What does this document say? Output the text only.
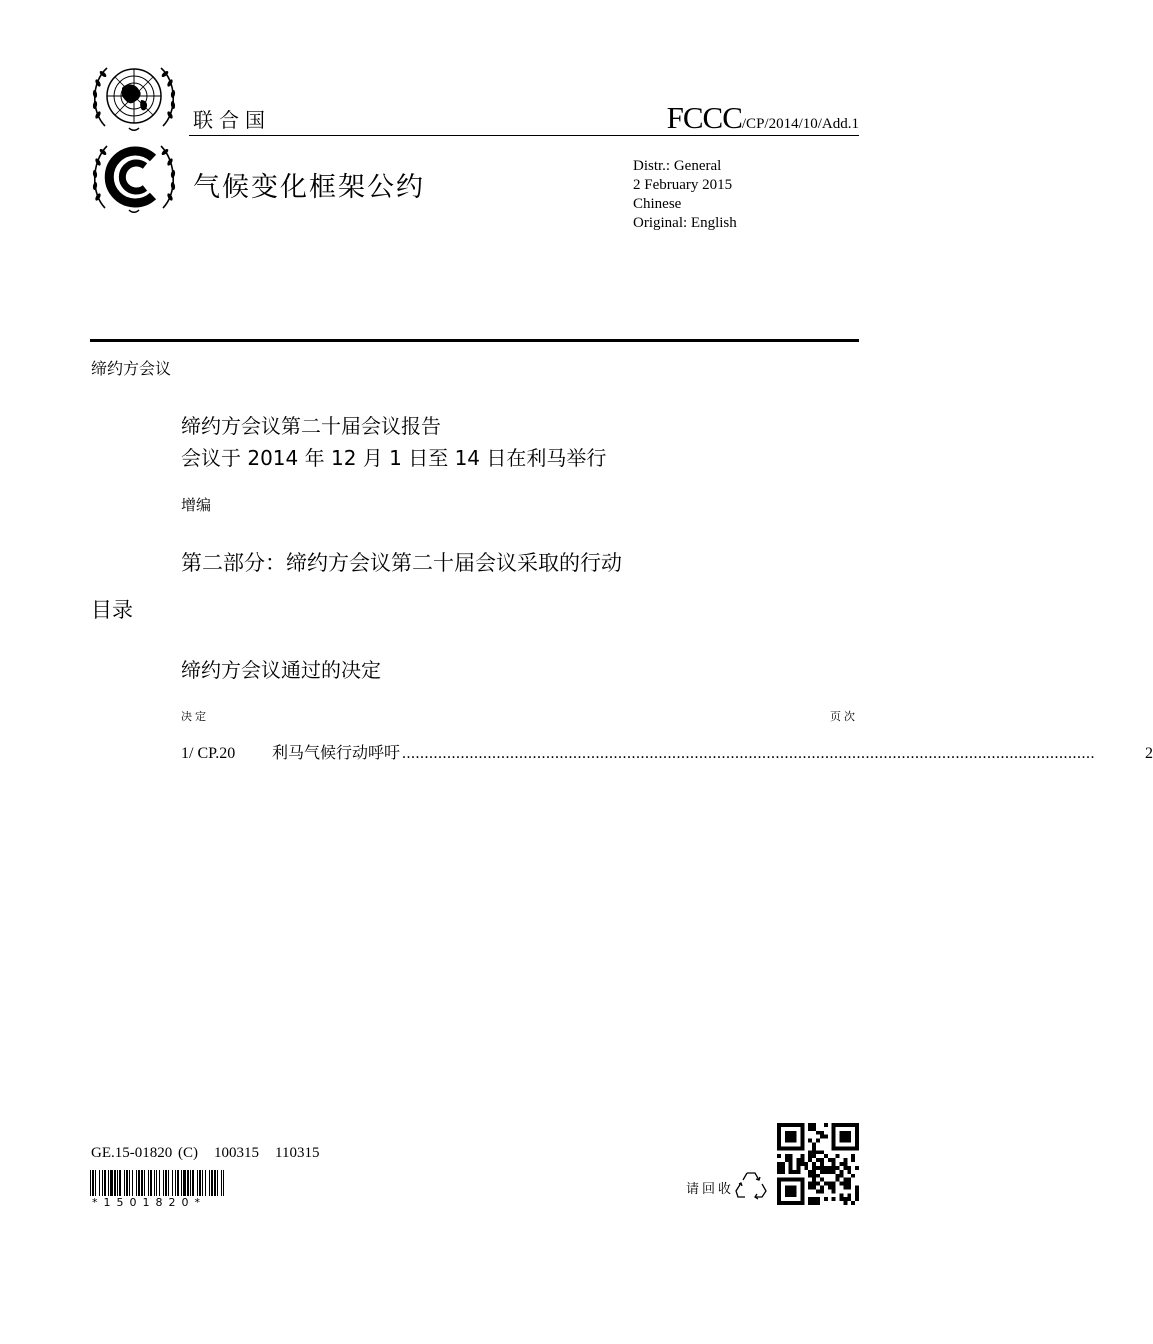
联合国	FCCC/CP/2014/10/Add.1
气候变化框架公约
Distr.: General
2 February 2015
Chinese
Original: English
缔约方会议
缔约方会议第二十届会议报告
会议于 2014 年 12 月 1 日至 14 日在利马举行
增编
第二部分：缔约方会议第二十届会议采取的行动
目录
缔约方会议通过的决定
决定	页次
1/ CP.20	利马气候行动呼吁 ..........................................................................................................................................................	2
GE.15-01820 (C) 100315 110315
*1501820*
请回收
